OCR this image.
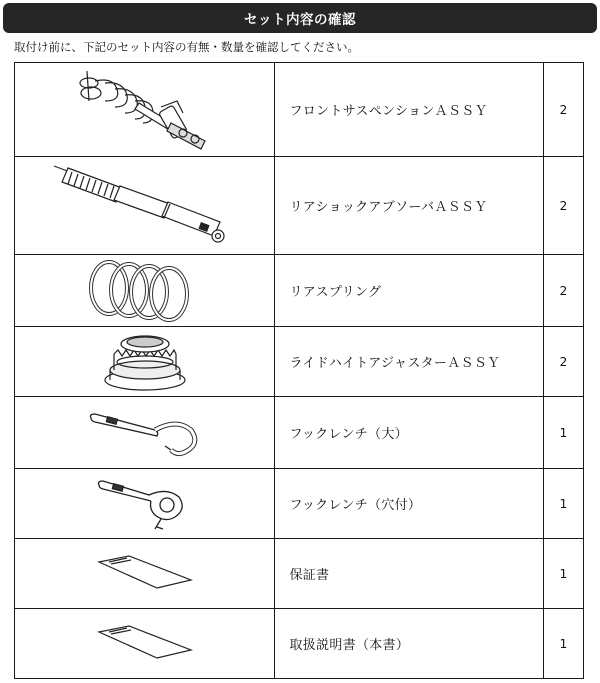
セット内容の確認
取付け前に、下記のセット内容の有無・数量を確認してください。
	フロントサスペンションＡＳＳＹ	2

	リアショックアブソーバＡＳＳＹ	2

	リアスプリング	2

	ライドハイトアジャスターＡＳＳＹ	2

	フックレンチ（大）	1

	フックレンチ（穴付）	1

	保証書	1

	取扱説明書（本書）	1
